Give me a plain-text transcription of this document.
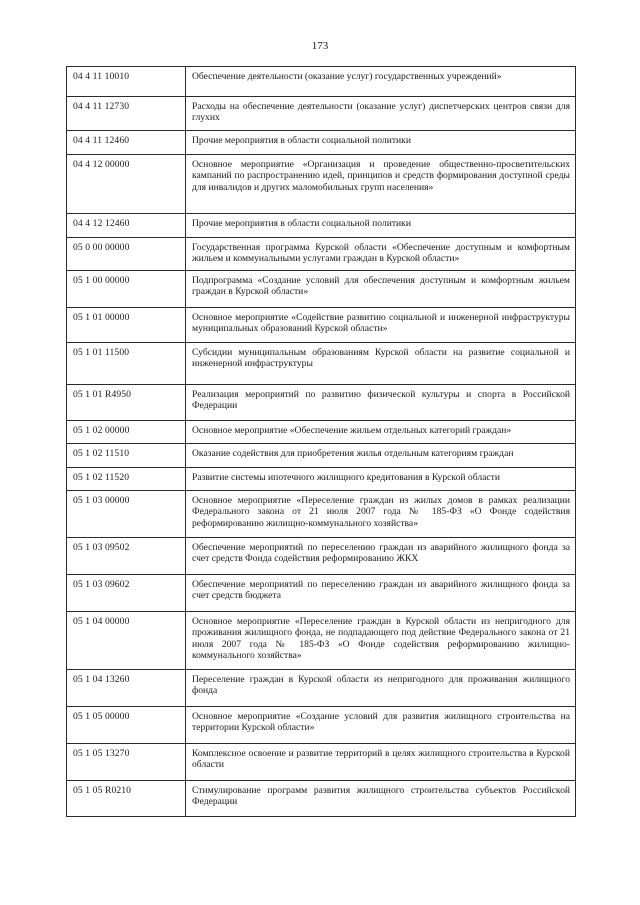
173
04 4 11 10010	Обеспечение деятельности (оказание услуг) государственных учреждений»
04 4 11 12730	Расходы на обеспечение деятельности (оказание услуг) диспетчерских центров связи для глухих
04 4 11 12460	Прочие мероприятия в области социальной политики
04 4 12 00000	Основное мероприятие «Организация и проведение общественно-просветительских кампаний по распространению идей, принципов и средств формирования доступной среды для инвалидов и других маломобильных групп населения»
04 4 12 12460	Прочие мероприятия в области социальной политики
05 0 00 00000	Государственная программа Курской области «Обеспечение доступным и комфортным жильем и коммунальными услугами граждан в Курской области»
05 1 00 00000	Подпрограмма «Создание условий для обеспечения доступным и комфортным жильем граждан в Курской области»
05 1 01 00000	Основное мероприятие «Содействие развитию социальной и инженерной инфраструктуры муниципальных образований Курской области»
05 1 01 11500	Субсидии муниципальным образованиям Курской области на развитие социальной и инженерной инфраструктуры
05 1 01 R4950	Реализация мероприятий по развитию физической культуры и спорта в Российской Федерации
05 1 02 00000	Основное мероприятие «Обеспечение жильем отдельных категорий граждан»
05 1 02 11510	Оказание содействия для приобретения жилья отдельным категориям граждан
05 1 02 11520	Развитие системы ипотечного жилищного кредитования в Курской области
05 1 03 00000	Основное мероприятие «Переселение граждан из жилых домов в рамках реализации Федерального закона от 21 июля 2007 года № 185-ФЗ «О Фонде содействия реформированию жилищно-коммунального хозяйства»
05 1 03 09502	Обеспечение мероприятий по переселению граждан из аварийного жилищного фонда за счет средств Фонда содействия реформированию ЖКХ
05 1 03 09602	Обеспечение мероприятий по переселению граждан из аварийного жилищного фонда за счет средств бюджета
05 1 04 00000	Основное мероприятие «Переселение граждан в Курской области из непригодного для проживания жилищного фонда, не подпадающего под действие Федерального закона от 21 июля 2007 года № 185-ФЗ «О Фонде содействия реформированию жилищно-коммунального хозяйства»
05 1 04 13260	Переселение граждан в Курской области из непригодного для проживания жилищного фонда
05 1 05 00000	Основное мероприятие «Создание условий для развития жилищного строительства на территории Курской области»
05 1 05 13270	Комплексное освоение и развитие территорий в целях жилищного строительства в Курской области
05 1 05 R0210	Стимулирование программ развития жилищного строительства субъектов Российской Федерации
